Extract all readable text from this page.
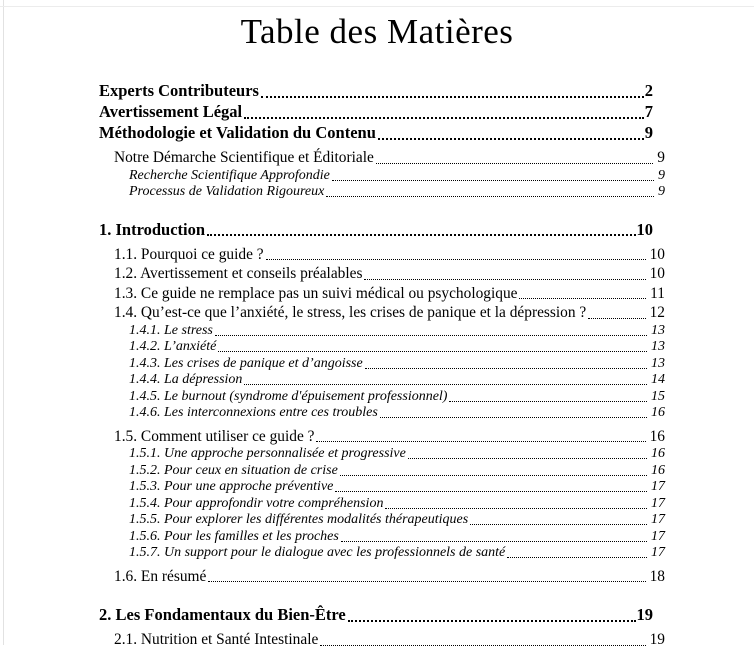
Table des Matières
Experts Contributeurs	2
Avertissement Légal	7
Méthodologie et Validation du Contenu	9
Notre Démarche Scientifique et Éditoriale	9
Recherche Scientifique Approfondie	9
Processus de Validation Rigoureux	9
1. Introduction	10
1.1. Pourquoi ce guide ?	10
1.2. Avertissement et conseils préalables	10
1.3. Ce guide ne remplace pas un suivi médical ou psychologique	11
1.4. Qu’est-ce que l’anxiété, le stress, les crises de panique et la dépression ?	12
1.4.1. Le stress	13
1.4.2. L’anxiété	13
1.4.3. Les crises de panique et d’angoisse	13
1.4.4. La dépression	14
1.4.5. Le burnout (syndrome d'épuisement professionnel)	15
1.4.6. Les interconnexions entre ces troubles	16
1.5. Comment utiliser ce guide ?	16
1.5.1. Une approche personnalisée et progressive	16
1.5.2. Pour ceux en situation de crise	16
1.5.3. Pour une approche préventive	17
1.5.4. Pour approfondir votre compréhension	17
1.5.5. Pour explorer les différentes modalités thérapeutiques	17
1.5.6. Pour les familles et les proches	17
1.5.7. Un support pour le dialogue avec les professionnels de santé	17
1.6. En résumé	18
2. Les Fondamentaux du Bien-Être	19
2.1. Nutrition et Santé Intestinale	19
